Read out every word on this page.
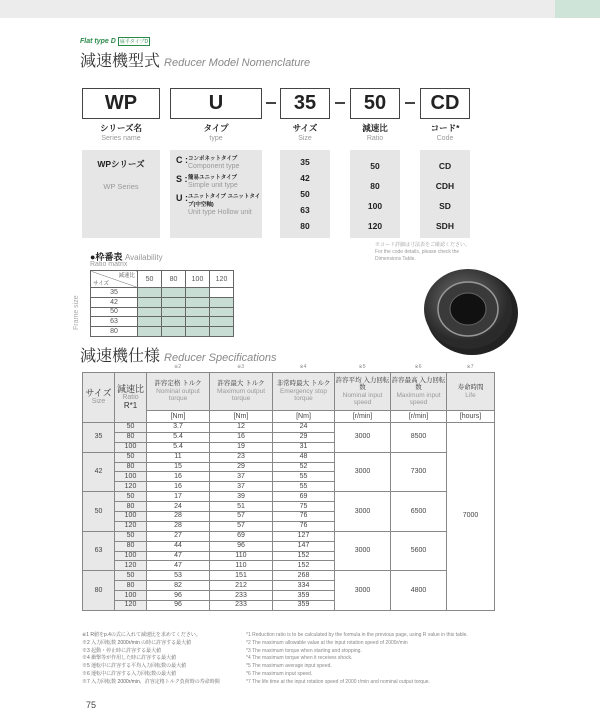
Flat type D 扁平タイプD
減速機型式 Reducer Model Nomenclature
WP	U	35	50	CD
シリーズ名
Series name
タイプ
type
サイズ
Size
減速比
Ratio
コード*
Code
WPシリーズ
WP Series
C : コンポネットタイプ
Component type
S : 簡易ユニットタイプ
Simple unit type
U : ユニットタイプ ユニットタイプ(中空軸)
Unit type Hollow unit
35
42
50
63
80
50
80
100
120
CD
CDH
SD
SDH
※コード詳細は寸法表をご確認ください。
For the code details, please check the Dimensions Table.
●枠番表 Availability
Ratio matrix
Frame size
減速比
サイズ	50	80	100	120
35				
42				
50				
63				
80				
減速機仕様 Reducer Specifications
※2	※3	※4	※5	※6	※7
サイズ
Size	減速比
Ratio
R*1	許容定格 トルク
Nominal output torque	許容最大 トルク
Maximum output torque	非常時最大 トルク
Emergency stop torque	許容平均 入力回転数
Nominal input speed	許容最高 入力回転数
Maximum input speed	寿命時間
Life

		[Nm]	[Nm]	[Nm]	[r/min]	[r/min]	[hours]
35	50	3.7	12	24	3000	8500	7000
	80	5.4	16	29			
	100	5.4	19	31			
42	50	11	23	48	3000	7300	
	80	15	29	52			
	100	16	37	55			
	120	16	37	55			
50	50	17	39	69	3000	6500	
	80	24	51	75			
	100	28	57	76			
	120	28	57	76			
63	50	27	69	127	3000	5600	
	80	44	96	147			
	100	47	110	152			
	120	47	110	152			
80	50	53	151	268	3000	4800	
	80	82	212	334			
	100	96	233	359			
	120	96	233	359			
※1 R値をp.4の式に入れて減速比を求めてください。
※2 入力回転数 2000r/min の時に許容する最大値
※3 起動・停止時に許容する最大値
※4 衝撃等が作用した時に許容する最大値
※5 運転中に許容する平均入力回転数の最大値
※6 運転中に許容する入力回転数の最大値
※7 入力回転数 2000r/min、許容定格トルク負荷時の寿命時間
*1 Reduction ratio is to be calculated by the formula in the previous page, using R value in this table.
*2 The maximum allowable value at the input rotation speed of 2000r/min
*3 The maximum torque when starting and stopping.
*4 The maximum torque when it receives shock.
*5 The maximum average input speed.
*6 The maximum input speed.
*7 The life time at the input rotation speed of 2000 r/min and nominal output torque.
75
